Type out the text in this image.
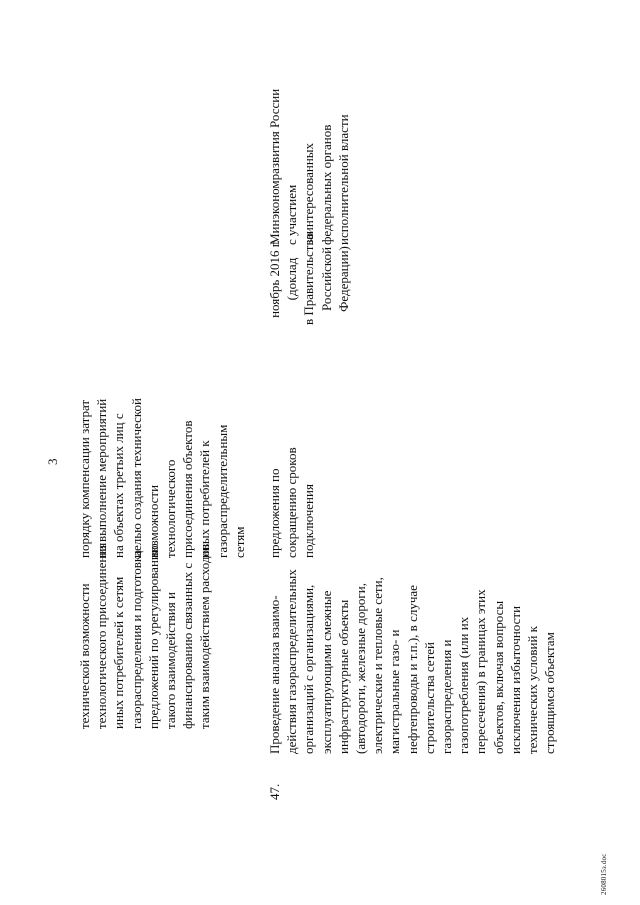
3
технической возможности
технологического присоединения
иных потребителей к сетям
газораспределения и подготовка
предложений по урегулированию
такого взаимодействия и
финансированию связанных с
таким взаимодействием расходов
порядку компенсации затрат
на выполнение мероприятий
на объектах третьих лиц с
целью создания технической
возможности
технологического
присоединения объектов
иных потребителей к
газораспределительным
сетям
47.
Проведение анализа взаимо-
действия газораспределительных
организаций с организациями,
эксплуатирующими смежные
инфраструктурные объекты
(автодороги, железные дороги,
электрические и тепловые сети,
магистральные газо- и
нефтепроводы и т.п.), в случае
строительства сетей
газораспределения и
газопотребления (или их
пересечения) в границах этих
объектов, включая вопросы
исключения избыточности
технических условий к
строящимся объектам
предложения по
сокращению сроков
подключения
ноябрь 2016 г.
(доклад
в Правительство
Российской
Федерации)
Минэкономразвития России
с участием
заинтересованных
федеральных органов
исполнительной власти
2608015з.doc
